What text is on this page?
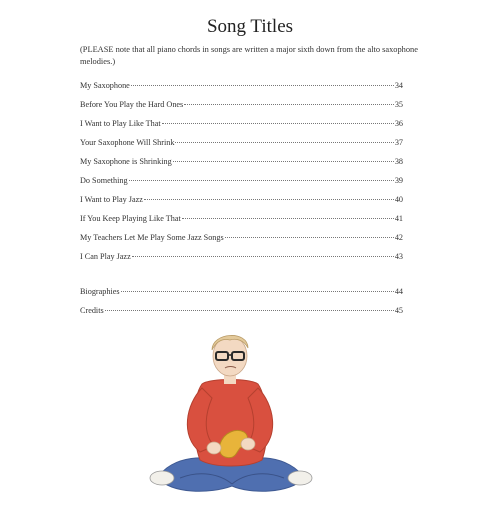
Song Titles
(PLEASE note that all piano chords in songs are written a major sixth down from the alto saxophone melodies.)
My Saxophone	34
Before You Play the Hard Ones	35
I Want to Play Like That	36
Your Saxophone Will Shrink	37
My Saxophone is Shrinking	38
Do Something	39
I Want to Play Jazz	40
If You Keep Playing Like That	41
My Teachers Let Me Play Some Jazz Songs	42
I Can Play Jazz	43
Biographies	44
Credits	45
